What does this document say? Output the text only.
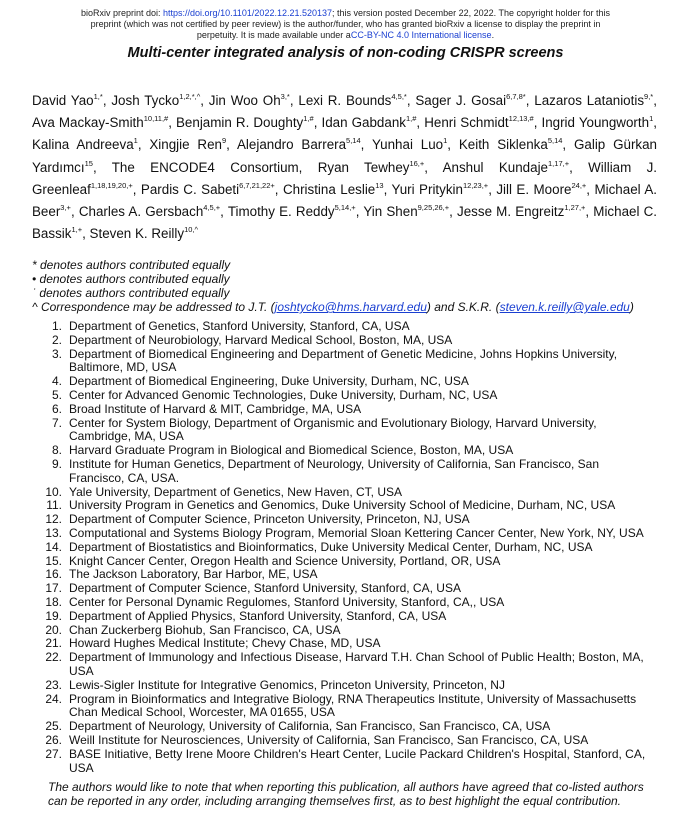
bioRxiv preprint doi: https://doi.org/10.1101/2022.12.21.520137; this version posted December 22, 2022. The copyright holder for this
preprint (which was not certified by peer review) is the author/funder, who has granted bioRxiv a license to display the preprint in
perpetuity. It is made available under aCC-BY-NC 4.0 International license.
Multi-center integrated analysis of non-coding CRISPR screens
David Yao$^{1,*}$, Josh Tycko$^{1,2,*,\^{}}$, Jin Woo $Oh^{3,*}$, Lexi R. Bounds$^{4,5,*}$, Sager J. Gosai$^{6,7,8*}$, Lazaros Lataniotis$^{9,*}$, Ava Mackay-Smith$^{10,11,\#}$, Benjamin R. Doughty$^{1,\#}$, Idan Gabdank$^{1,\#}$, Henri Schmidt$^{12,13,\#}$, Ingrid Youngworth$^1$, Kalina Andreeva$^1$, Xingjie Ren$^9$, Alejandro Barrera$^{5,14}$, Yunhai Luo$^1$, Keith Siklenka$^{5,14}$, Galip Gürkan Yardımcı$^{15}$, The ENCODE4 Consortium, Ryan Tewhey$^{16,+}$, Anshul Kundaje$^{1,17,+}$, William J. Greenleaf$^{1,18,19,20,+}$, Pardis C. Sabeti$^{6,7,21,22+}$, Christina Leslie$^{13}$, Yuri Pritykin$^{12,23,+}$, Jill E. Moore$^{24,+}$, Michael A. Beer$^{3,+}$, Charles A. Gersbach$^{4,5,+}$, Timothy E. Reddy$^{5,14,+}$, Yin Shen$^{9,25,26,+}$, Jesse M. Engreitz$^{1,27,+}$, Michael C. Bassik$^{1,+}$, Steven K. Reilly$^{10,\^{}}$
* denotes authors contributed equally
• denotes authors contributed equally
˙ denotes authors contributed equally
^ Correspondence may be addressed to J.T. (joshtycko@hms.harvard.edu) and S.K.R. (steven.k.reilly@yale.edu)
1. Department of Genetics, Stanford University, Stanford, CA, USA
2. Department of Neurobiology, Harvard Medical School, Boston, MA, USA
3. Department of Biomedical Engineering and Department of Genetic Medicine, Johns Hopkins University, Baltimore, MD, USA
4. Department of Biomedical Engineering, Duke University, Durham, NC, USA
5. Center for Advanced Genomic Technologies, Duke University, Durham, NC, USA
6. Broad Institute of Harvard & MIT, Cambridge, MA, USA
7. Center for System Biology, Department of Organismic and Evolutionary Biology, Harvard University, Cambridge, MA, USA
8. Harvard Graduate Program in Biological and Biomedical Science, Boston, MA, USA
9. Institute for Human Genetics, Department of Neurology, University of California, San Francisco, San Francisco, CA, USA.
10. Yale University, Department of Genetics, New Haven, CT, USA
11. University Program in Genetics and Genomics, Duke University School of Medicine, Durham, NC, USA
12. Department of Computer Science, Princeton University, Princeton, NJ, USA
13. Computational and Systems Biology Program, Memorial Sloan Kettering Cancer Center, New York, NY, USA
14. Department of Biostatistics and Bioinformatics, Duke University Medical Center, Durham, NC, USA
15. Knight Cancer Center, Oregon Health and Science University, Portland, OR, USA
16. The Jackson Laboratory, Bar Harbor, ME, USA
17. Department of Computer Science, Stanford University, Stanford, CA, USA
18. Center for Personal Dynamic Regulomes, Stanford University, Stanford, CA,, USA
19. Department of Applied Physics, Stanford University, Stanford, CA, USA
20. Chan Zuckerberg Biohub, San Francisco, CA, USA
21. Howard Hughes Medical Institute; Chevy Chase, MD, USA
22. Department of Immunology and Infectious Disease, Harvard T.H. Chan School of Public Health; Boston, MA, USA
23. Lewis-Sigler Institute for Integrative Genomics, Princeton University, Princeton, NJ
24. Program in Bioinformatics and Integrative Biology, RNA Therapeutics Institute, University of Massachusetts Chan Medical School, Worcester, MA 01655, USA
25. Department of Neurology, University of California, San Francisco, San Francisco, CA, USA
26. Weill Institute for Neurosciences, University of California, San Francisco, San Francisco, CA, USA
27. BASE Initiative, Betty Irene Moore Children's Heart Center, Lucile Packard Children's Hospital, Stanford, CA, USA
The authors would like to note that when reporting this publication, all authors have agreed that co-listed authors can be reported in any order, including arranging themselves first, as to best highlight the equal contribution.
